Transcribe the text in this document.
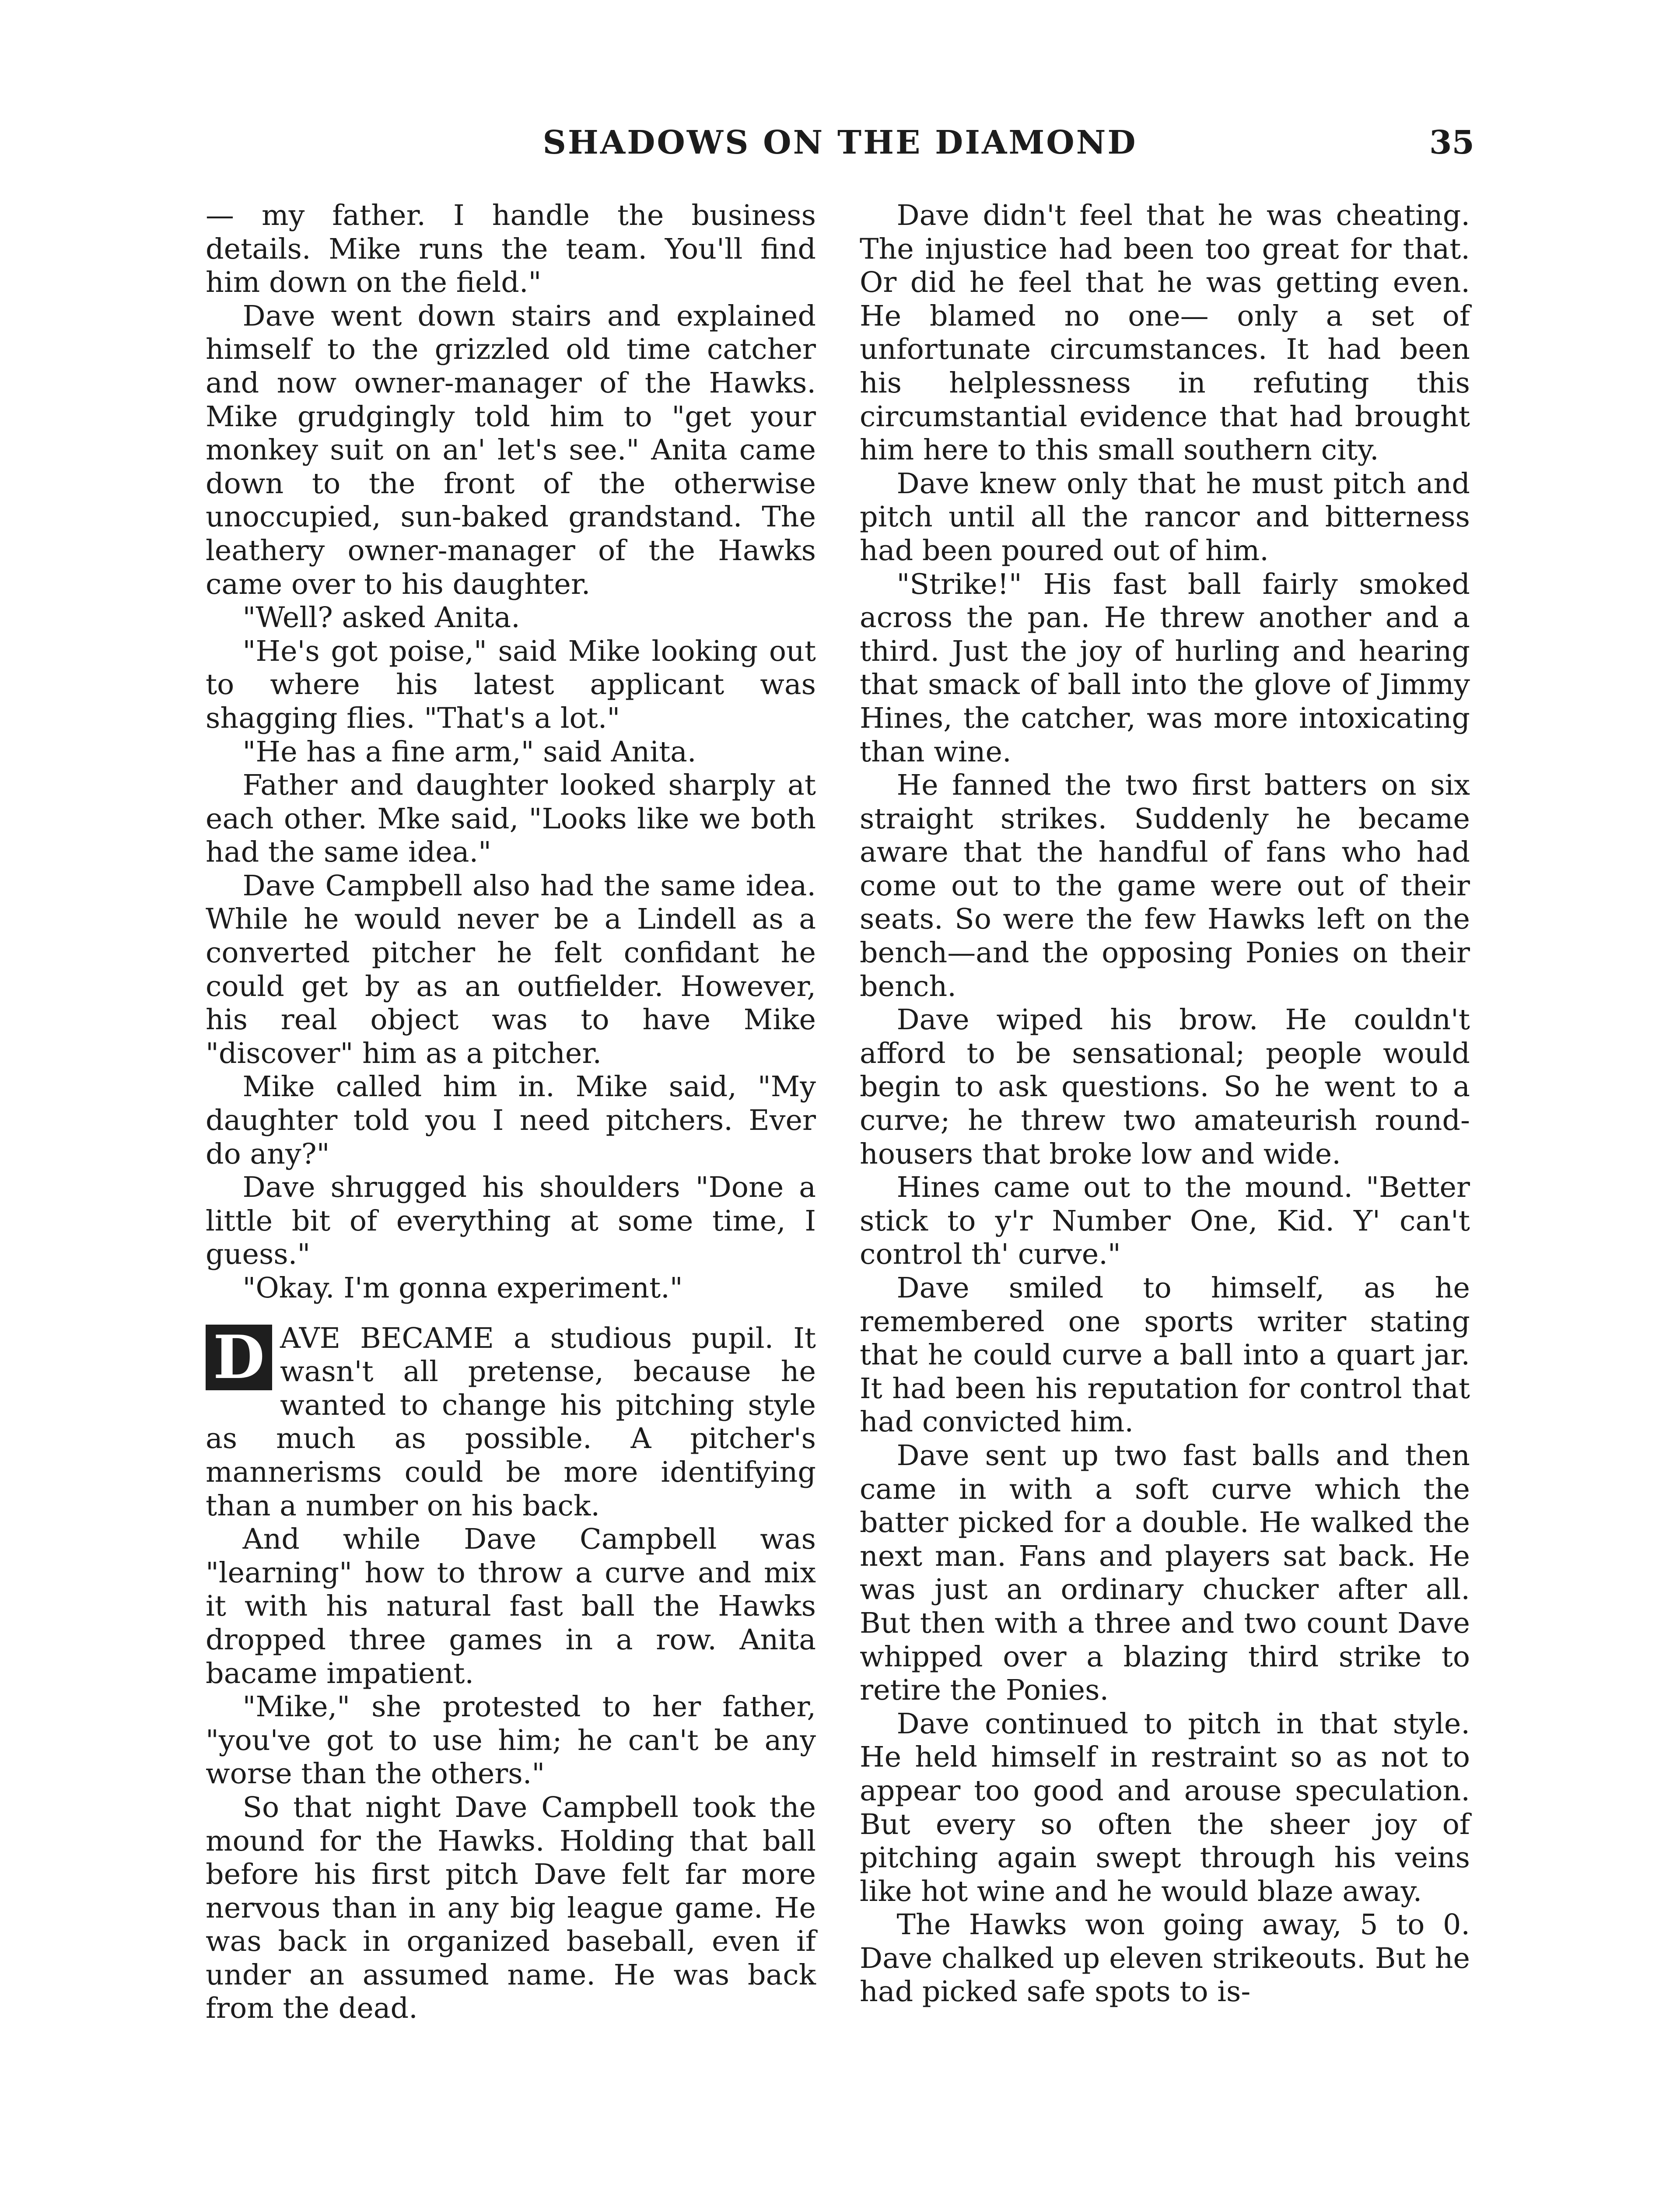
SHADOWS ON THE DIAMOND	35

— my father. I handle the business details. Mike runs the team. You'll find him down on the field."

Dave went down stairs and explained himself to the grizzled old time catcher and now owner-manager of the Hawks. Mike grudgingly told him to "get your monkey suit on an' let's see." Anita came down to the front of the otherwise unoccupied, sun-baked grandstand. The leathery owner-manager of the Hawks came over to his daughter.

"Well? asked Anita.

"He's got poise," said Mike looking out to where his latest applicant was shagging flies. "That's a lot."

"He has a fine arm," said Anita.

Father and daughter looked sharply at each other. Mke said, "Looks like we both had the same idea."

Dave Campbell also had the same idea. While he would never be a Lindell as a converted pitcher he felt confidant he could get by as an outfielder. However, his real object was to have Mike "discover" him as a pitcher.

Mike called him in. Mike said, "My daughter told you I need pitchers. Ever do any?"

Dave shrugged his shoulders "Done a little bit of everything at some time, I guess."

"Okay. I'm gonna experiment."

D AVE BECAME a studious pupil. It wasn't all pretense, because he wanted to change his pitching style as much as possible. A pitcher's mannerisms could be more identifying than a number on his back.

And while Dave Campbell was "learning" how to throw a curve and mix it with his natural fast ball the Hawks dropped three games in a row. Anita bacame impatient.

"Mike," she protested to her father, "you've got to use him; he can't be any worse than the others."

So that night Dave Campbell took the mound for the Hawks. Holding that ball before his first pitch Dave felt far more nervous than in any big league game. He was back in organized baseball, even if under an assumed name. He was back from the dead.

Dave didn't feel that he was cheating. The injustice had been too great for that. Or did he feel that he was getting even. He blamed no one— only a set of unfortunate circumstances. It had been his helplessness in refuting this circumstantial evidence that had brought him here to this small southern city.

Dave knew only that he must pitch and pitch until all the rancor and bitterness had been poured out of him.

"Strike!" His fast ball fairly smoked across the pan. He threw another and a third. Just the joy of hurling and hearing that smack of ball into the glove of Jimmy Hines, the catcher, was more intoxicating than wine.

He fanned the two first batters on six straight strikes. Suddenly he became aware that the handful of fans who had come out to the game were out of their seats. So were the few Hawks left on the bench—and the opposing Ponies on their bench.

Dave wiped his brow. He couldn't afford to be sensational; people would begin to ask questions. So he went to a curve; he threw two amateurish round-housers that broke low and wide.

Hines came out to the mound. "Better stick to y'r Number One, Kid. Y' can't control th' curve."

Dave smiled to himself, as he remembered one sports writer stating that he could curve a ball into a quart jar. It had been his reputation for control that had convicted him.

Dave sent up two fast balls and then came in with a soft curve which the batter picked for a double. He walked the next man. Fans and players sat back. He was just an ordinary chucker after all. But then with a three and two count Dave whipped over a blazing third strike to retire the Ponies.

Dave continued to pitch in that style. He held himself in restraint so as not to appear too good and arouse speculation. But every so often the sheer joy of pitching again swept through his veins like hot wine and he would blaze away.

The Hawks won going away, 5 to 0. Dave chalked up eleven strikeouts. But he had picked safe spots to is-
